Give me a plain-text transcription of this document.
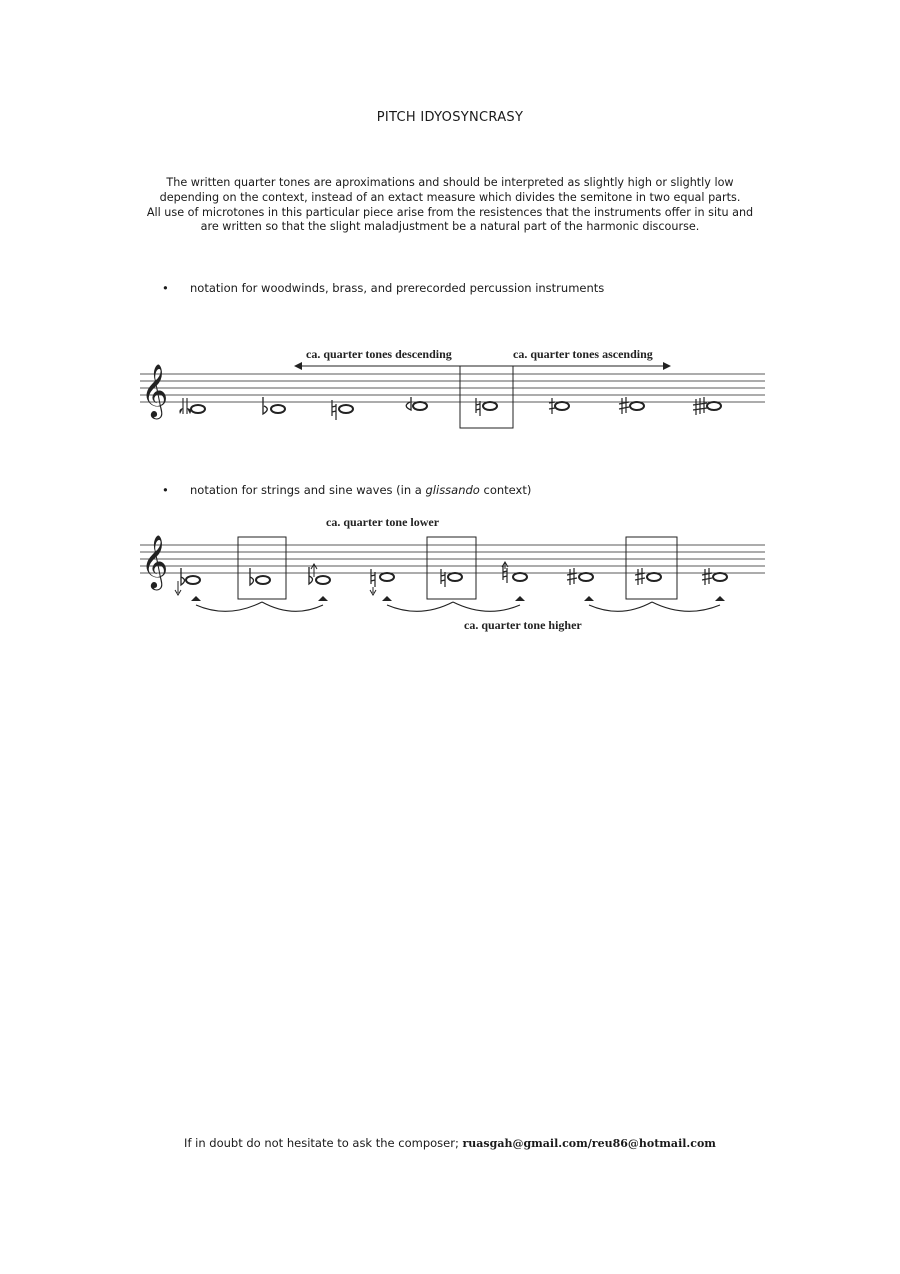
PITCH IDYOSYNCRASY
The written quarter tones are aproximations and should be interpreted as slightly high or slightly low
depending on the context, instead of an extact measure which divides the semitone in two equal parts.
All use of microtones in this particular piece arise from the resistences that the instruments offer in situ and
are written so that the slight maladjustment be a natural part of the harmonic discourse.
• notation for woodwinds, brass, and prerecorded percussion instruments
𝄞
ca. quarter tones descending	ca. quarter tones ascending
• notation for strings and sine waves (in a glissando context)
𝄞
ca. quarter tone lower
ca. quarter tone higher
If in doubt do not hesitate to ask the composer; ruasgah@gmail.com/reu86@hotmail.com
